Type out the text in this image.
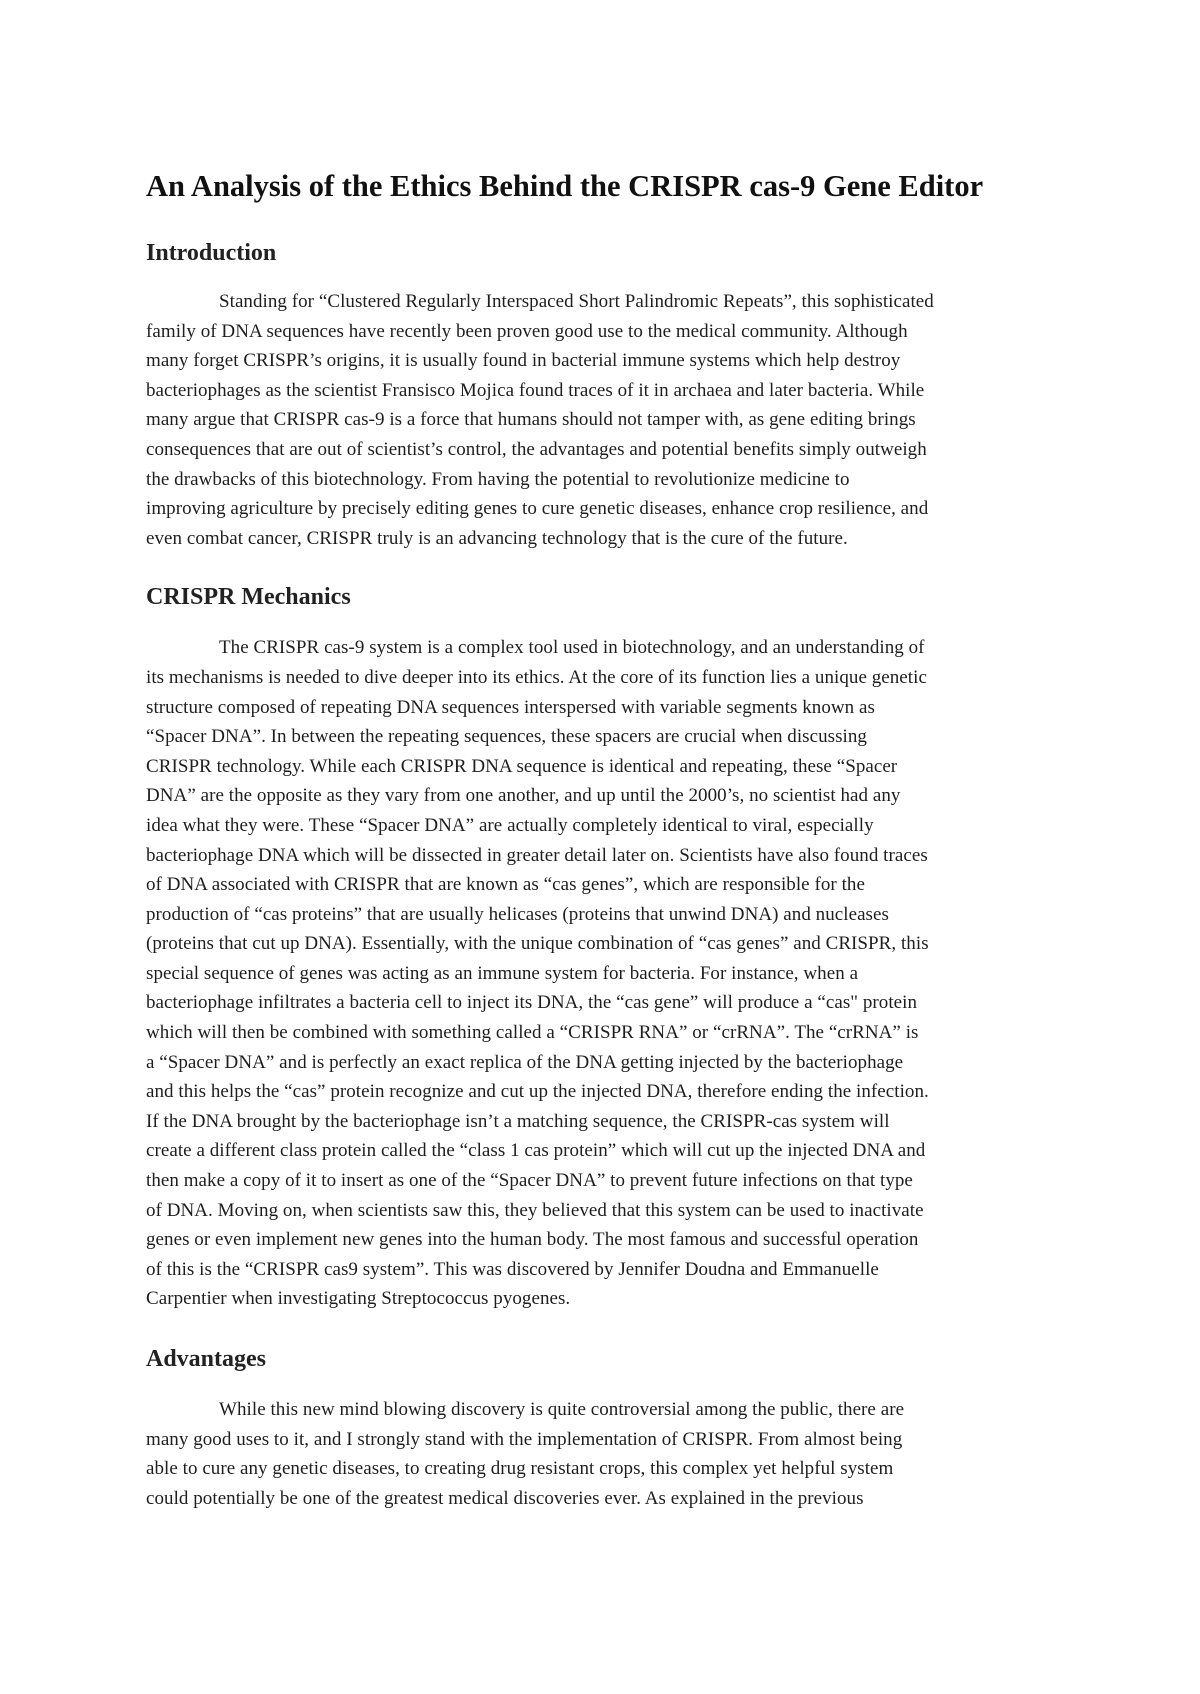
An Analysis of the Ethics Behind the CRISPR cas-9 Gene Editor
Introduction

Standing for “Clustered Regularly Interspaced Short Palindromic Repeats”, this sophisticated
family of DNA sequences have recently been proven good use to the medical community. Although
many forget CRISPR’s origins, it is usually found in bacterial immune systems which help destroy
bacteriophages as the scientist Fransisco Mojica found traces of it in archaea and later bacteria. While
many argue that CRISPR cas-9 is a force that humans should not tamper with, as gene editing brings
consequences that are out of scientist’s control, the advantages and potential benefits simply outweigh
the drawbacks of this biotechnology. From having the potential to revolutionize medicine to
improving agriculture by precisely editing genes to cure genetic diseases, enhance crop resilience, and
even combat cancer, CRISPR truly is an advancing technology that is the cure of the future.

CRISPR Mechanics

The CRISPR cas-9 system is a complex tool used in biotechnology, and an understanding of
its mechanisms is needed to dive deeper into its ethics. At the core of its function lies a unique genetic
structure composed of repeating DNA sequences interspersed with variable segments known as
“Spacer DNA”. In between the repeating sequences, these spacers are crucial when discussing
CRISPR technology. While each CRISPR DNA sequence is identical and repeating, these “Spacer
DNA” are the opposite as they vary from one another, and up until the 2000’s, no scientist had any
idea what they were. These “Spacer DNA” are actually completely identical to viral, especially
bacteriophage DNA which will be dissected in greater detail later on. Scientists have also found traces
of DNA associated with CRISPR that are known as “cas genes”, which are responsible for the
production of “cas proteins” that are usually helicases (proteins that unwind DNA) and nucleases
(proteins that cut up DNA). Essentially, with the unique combination of “cas genes” and CRISPR, this
special sequence of genes was acting as an immune system for bacteria. For instance, when a
bacteriophage infiltrates a bacteria cell to inject its DNA, the “cas gene” will produce a “cas" protein
which will then be combined with something called a “CRISPR RNA” or “crRNA”. The “crRNA” is
a “Spacer DNA” and is perfectly an exact replica of the DNA getting injected by the bacteriophage
and this helps the “cas” protein recognize and cut up the injected DNA, therefore ending the infection.
If the DNA brought by the bacteriophage isn’t a matching sequence, the CRISPR-cas system will
create a different class protein called the “class 1 cas protein” which will cut up the injected DNA and
then make a copy of it to insert as one of the “Spacer DNA” to prevent future infections on that type
of DNA. Moving on, when scientists saw this, they believed that this system can be used to inactivate
genes or even implement new genes into the human body. The most famous and successful operation
of this is the “CRISPR cas9 system”. This was discovered by Jennifer Doudna and Emmanuelle
Carpentier when investigating Streptococcus pyogenes.

Advantages

While this new mind blowing discovery is quite controversial among the public, there are
many good uses to it, and I strongly stand with the implementation of CRISPR. From almost being
able to cure any genetic diseases, to creating drug resistant crops, this complex yet helpful system
could potentially be one of the greatest medical discoveries ever. As explained in the previous
